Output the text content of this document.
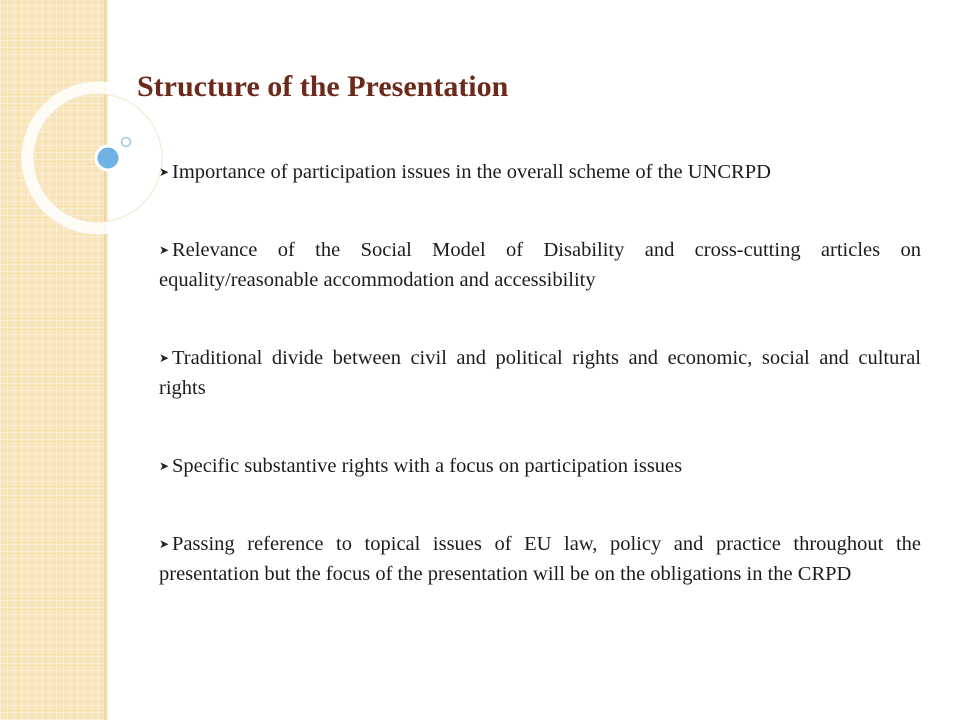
Structure of the Presentation
➤ Importance of participation issues in the overall scheme of the UNCRPD
➤ Relevance of the Social Model of Disability and cross-cutting articles on equality/reasonable accommodation and accessibility
➤ Traditional divide between civil and political rights and economic, social and cultural rights
➤ Specific substantive rights with a focus on participation issues
➤ Passing reference to topical issues of EU law, policy and practice throughout the presentation but the focus of the presentation will be on the obligations in the CRPD
